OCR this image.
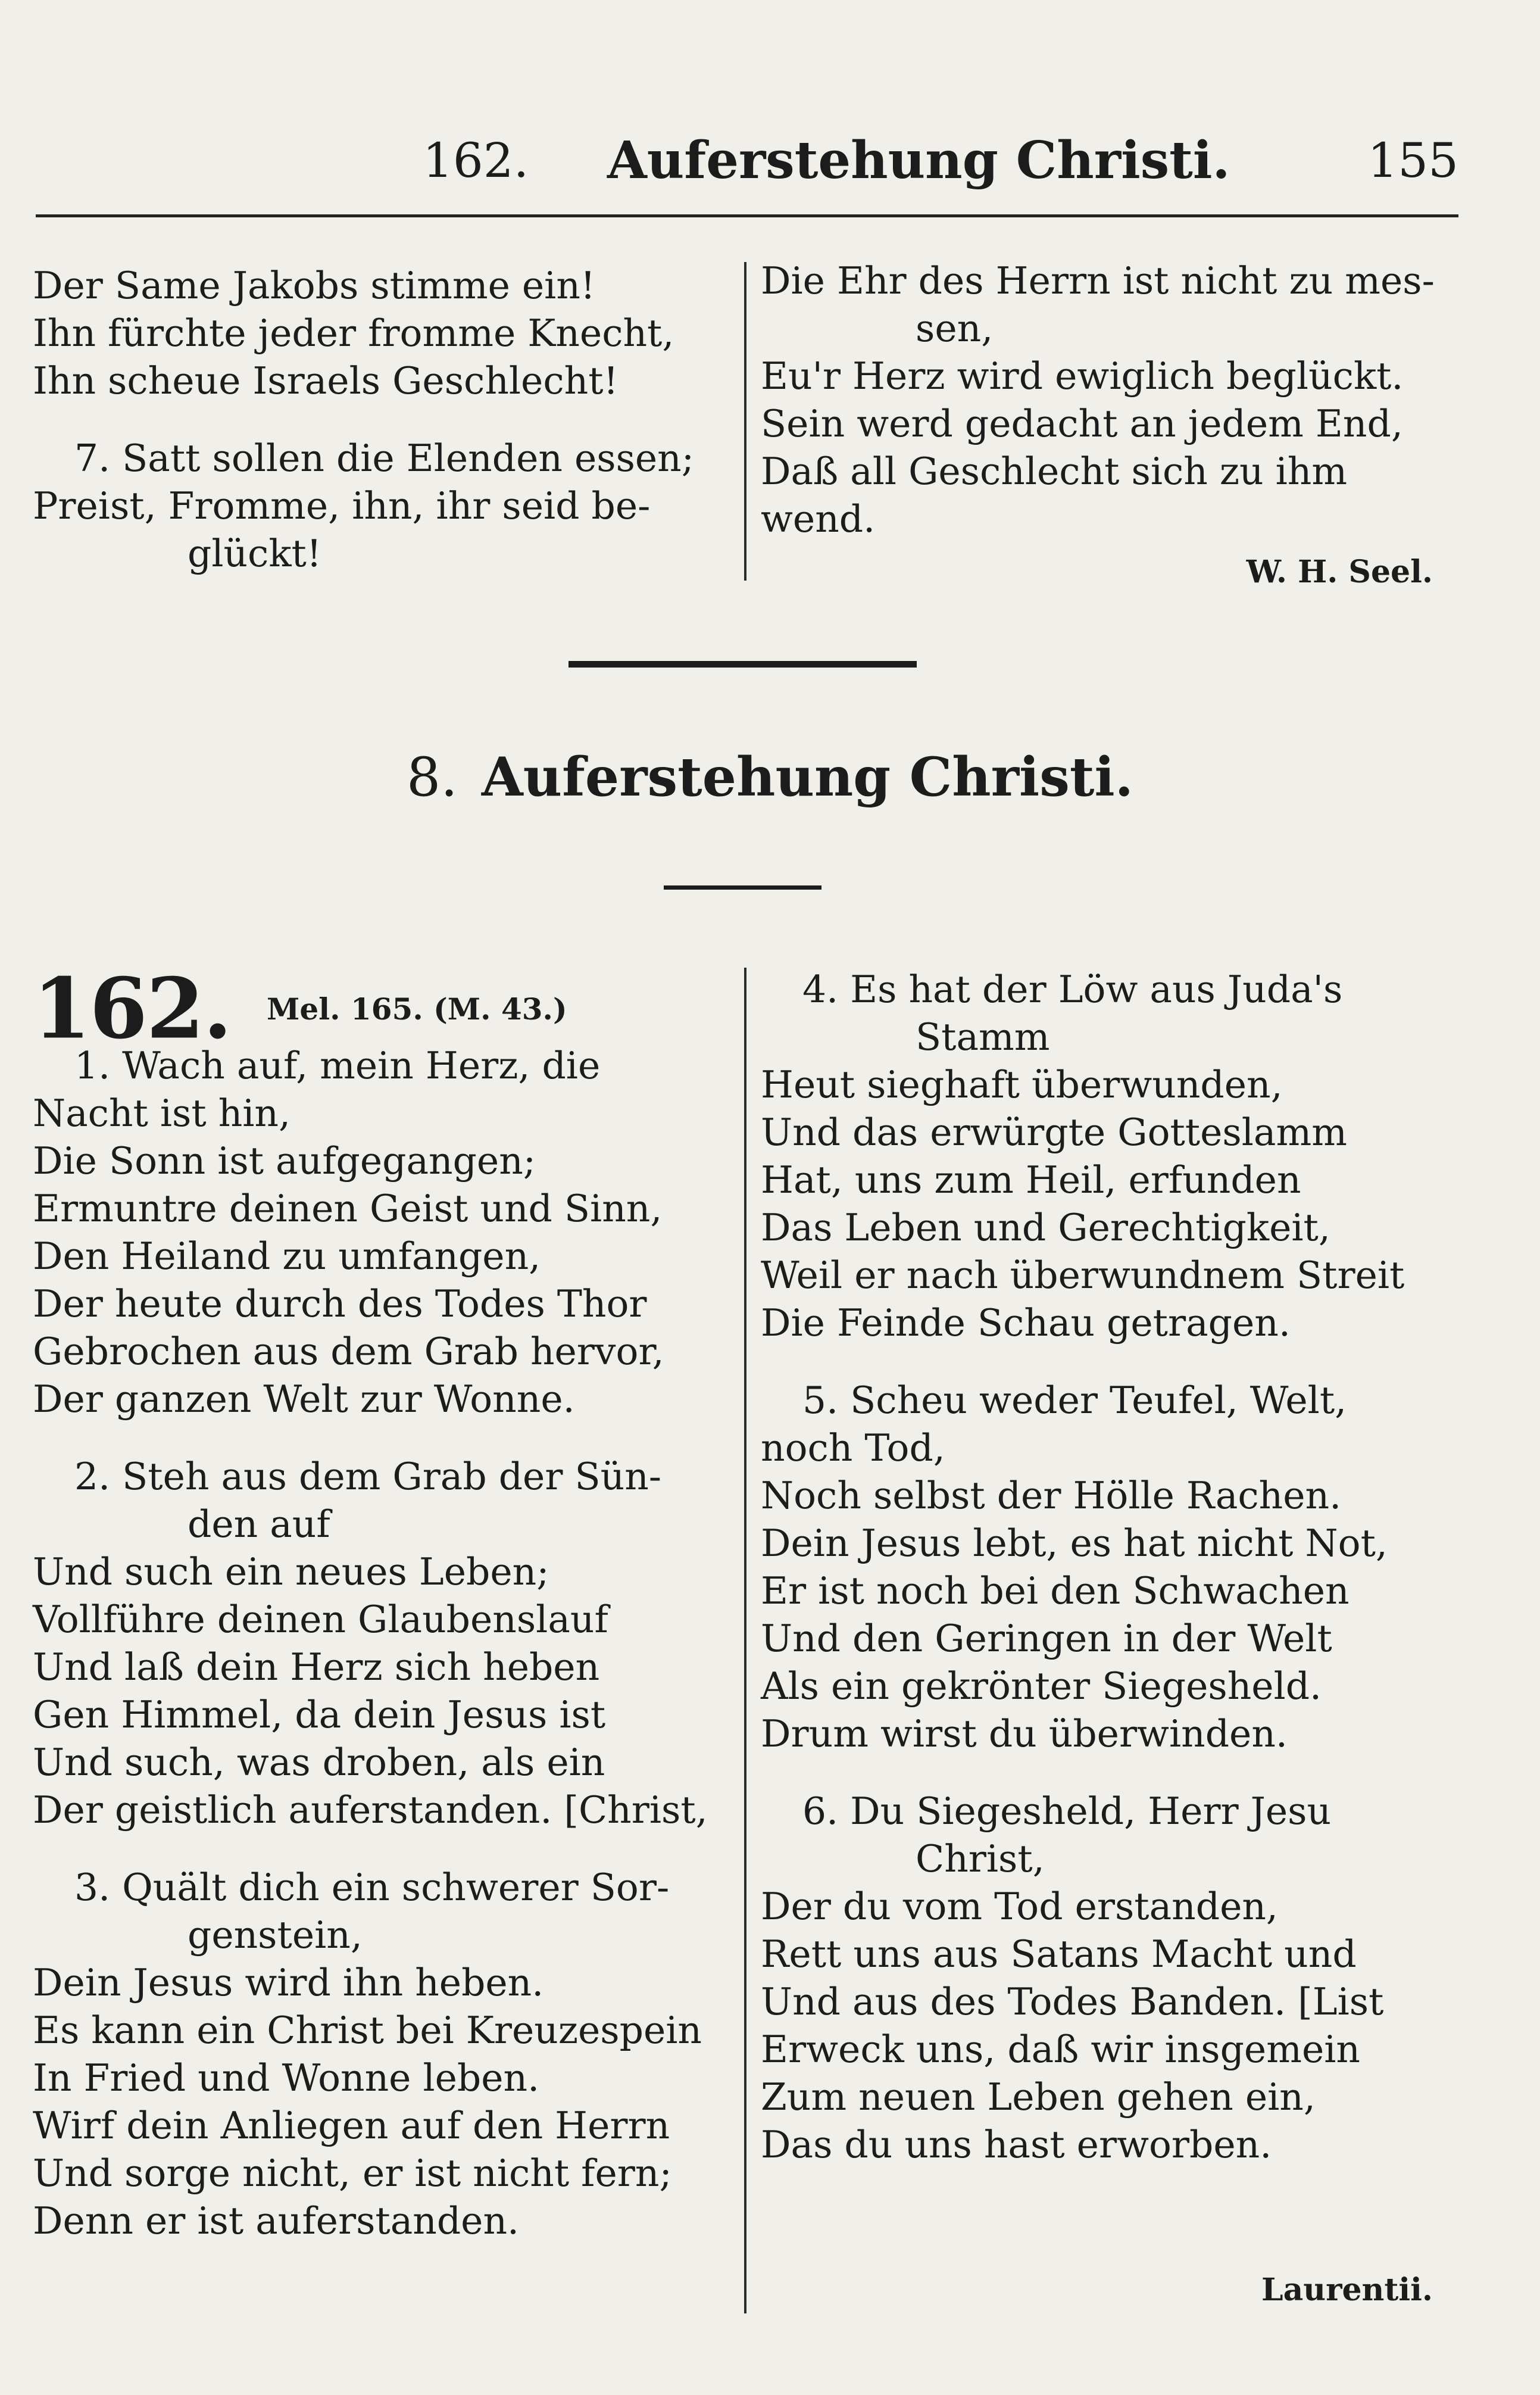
162. Auferstehung Christi.	155
Der Same Jakobs stimme ein!
Ihn fürchte jeder fromme Knecht,
Ihn scheue Israels Geschlecht!
7. Satt sollen die Elenden essen;
Preist, Fromme, ihn, ihr seid be-
glückt!
Die Ehr des Herrn ist nicht zu mes-
sen,
Eu'r Herz wird ewiglich beglückt.
Sein werd gedacht an jedem End,
Daß all Geschlecht sich zu ihm
wend.
W. H. Seel.
8. Auferstehung Christi.
162. Mel. 165. (M. 43.)
1. Wach auf, mein Herz, die
Nacht ist hin,
Die Sonn ist aufgegangen;
Ermuntre deinen Geist und Sinn,
Den Heiland zu umfangen,
Der heute durch des Todes Thor
Gebrochen aus dem Grab hervor,
Der ganzen Welt zur Wonne.
2. Steh aus dem Grab der Sün-
den auf
Und such ein neues Leben;
Vollführe deinen Glaubenslauf
Und laß dein Herz sich heben
Gen Himmel, da dein Jesus ist
Und such, was droben, als ein
Der geistlich auferstanden. [Christ,
3. Quält dich ein schwerer Sor-
genstein,
Dein Jesus wird ihn heben.
Es kann ein Christ bei Kreuzespein
In Fried und Wonne leben.
Wirf dein Anliegen auf den Herrn
Und sorge nicht, er ist nicht fern;
Denn er ist auferstanden.
4. Es hat der Löw aus Juda's
Stamm
Heut sieghaft überwunden,
Und das erwürgte Gotteslamm
Hat, uns zum Heil, erfunden
Das Leben und Gerechtigkeit,
Weil er nach überwundnem Streit
Die Feinde Schau getragen.
5. Scheu weder Teufel, Welt,
noch Tod,
Noch selbst der Hölle Rachen.
Dein Jesus lebt, es hat nicht Not,
Er ist noch bei den Schwachen
Und den Geringen in der Welt
Als ein gekrönter Siegesheld.
Drum wirst du überwinden.
6. Du Siegesheld, Herr Jesu
Christ,
Der du vom Tod erstanden,
Rett uns aus Satans Macht und
Und aus des Todes Banden. [List
Erweck uns, daß wir insgemein
Zum neuen Leben gehen ein,
Das du uns hast erworben.
Laurentii.
